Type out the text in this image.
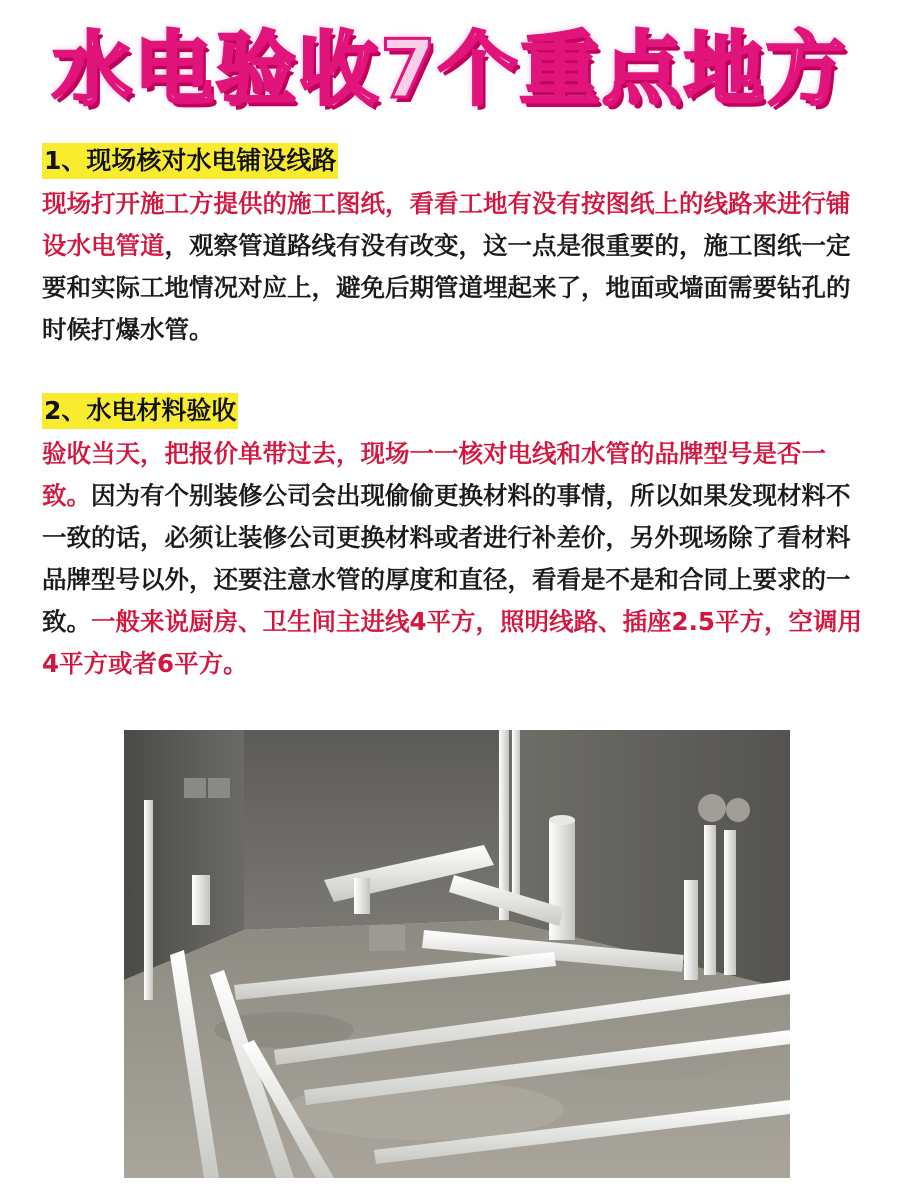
水电验收7个重点地方
1、现场核对水电铺设线路

现场打开施工方提供的施工图纸，看看工地有没有按图纸上的线路来进行铺设水电管道，观察管道路线有没有改变，这一点是很重要的，施工图纸一定要和实际工地情况对应上，避免后期管道埋起来了，地面或墙面需要钻孔的时候打爆水管。

2、水电材料验收

验收当天，把报价单带过去，现场一一核对电线和水管的品牌型号是否一致。因为有个别装修公司会出现偷偷更换材料的事情，所以如果发现材料不一致的话，必须让装修公司更换材料或者进行补差价，另外现场除了看材料品牌型号以外，还要注意水管的厚度和直径，看看是不是和合同上要求的一致。一般来说厨房、卫生间主进线4平方，照明线路、插座2.5平方，空调用4平方或者6平方。
